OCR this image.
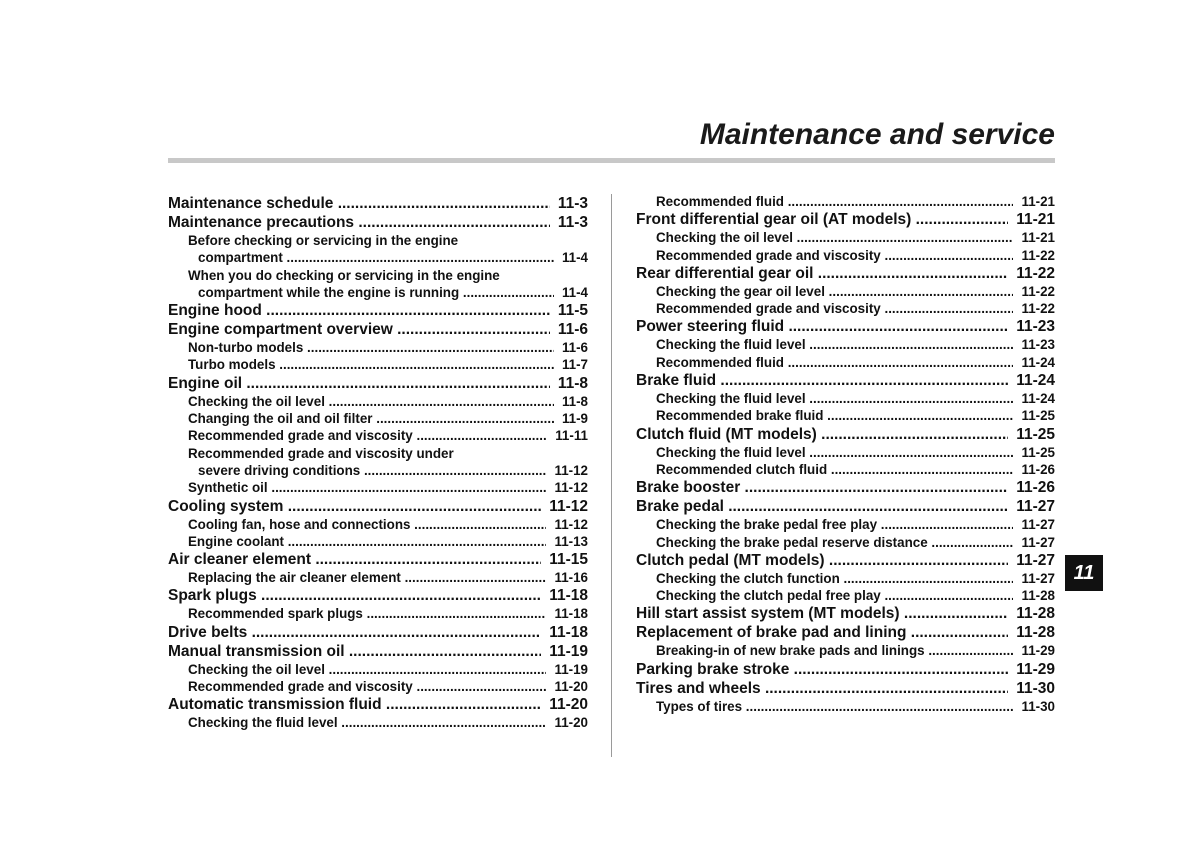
Maintenance and service
Maintenance schedule .....	11-3
Maintenance precautions .....	11-3
Before checking or servicing in the engine
compartment .....	11-4
When you do checking or servicing in the engine
compartment while the engine is running .....	11-4
Engine hood .....	11-5
Engine compartment overview .....	11-6
Non-turbo models .....	11-6
Turbo models .....	11-7
Engine oil .....	11-8
Checking the oil level .....	11-8
Changing the oil and oil filter .....	11-9
Recommended grade and viscosity .....	11-11
Recommended grade and viscosity under
severe driving conditions .....	11-12
Synthetic oil .....	11-12
Cooling system .....	11-12
Cooling fan, hose and connections .....	11-12
Engine coolant .....	11-13
Air cleaner element .....	11-15
Replacing the air cleaner element .....	11-16
Spark plugs .....	11-18
Recommended spark plugs .....	11-18
Drive belts .....	11-18
Manual transmission oil .....	11-19
Checking the oil level .....	11-19
Recommended grade and viscosity .....	11-20
Automatic transmission fluid .....	11-20
Checking the fluid level .....	11-20
Recommended fluid .....	11-21
Front differential gear oil (AT models) .....	11-21
Checking the oil level .....	11-21
Recommended grade and viscosity .....	11-22
Rear differential gear oil .....	11-22
Checking the gear oil level .....	11-22
Recommended grade and viscosity .....	11-22
Power steering fluid .....	11-23
Checking the fluid level .....	11-23
Recommended fluid .....	11-24
Brake fluid .....	11-24
Checking the fluid level .....	11-24
Recommended brake fluid .....	11-25
Clutch fluid (MT models) .....	11-25
Checking the fluid level .....	11-25
Recommended clutch fluid .....	11-26
Brake booster .....	11-26
Brake pedal .....	11-27
Checking the brake pedal free play .....	11-27
Checking the brake pedal reserve distance .....	11-27
Clutch pedal (MT models) .....	11-27
Checking the clutch function .....	11-27
Checking the clutch pedal free play .....	11-28
Hill start assist system (MT models) .....	11-28
Replacement of brake pad and lining .....	11-28
Breaking-in of new brake pads and linings .....	11-29
Parking brake stroke .....	11-29
Tires and wheels .....	11-30
Types of tires .....	11-30
11
